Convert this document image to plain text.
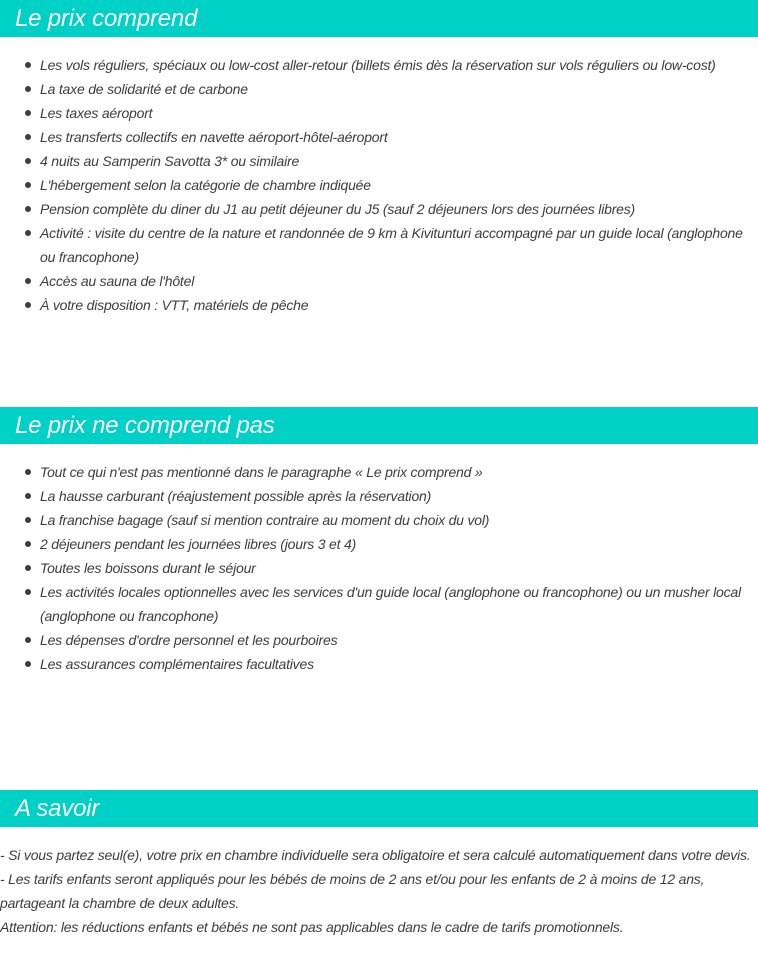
Le prix comprend
Les vols réguliers, spéciaux ou low-cost aller-retour (billets émis dès la réservation sur vols réguliers ou low-cost)
La taxe de solidarité et de carbone
Les taxes aéroport
Les transferts collectifs en navette aéroport-hôtel-aéroport
4 nuits au Samperin Savotta 3* ou similaire
L'hébergement selon la catégorie de chambre indiquée
Pension complète du diner du J1 au petit déjeuner du J5 (sauf 2 déjeuners lors des journées libres)
Activité : visite du centre de la nature et randonnée de 9 km à Kivitunturi accompagné par un guide local (anglophone ou francophone)
Accès au sauna de l'hôtel
À votre disposition : VTT, matériels de pêche
Le prix ne comprend pas
Tout ce qui n'est pas mentionné dans le paragraphe « Le prix comprend »
La hausse carburant (réajustement possible après la réservation)
La franchise bagage (sauf si mention contraire au moment du choix du vol)
2 déjeuners pendant les journées libres (jours 3 et 4)
Toutes les boissons durant le séjour
Les activités locales optionnelles avec les services d'un guide local (anglophone ou francophone) ou un musher local (anglophone ou francophone)
Les dépenses d'ordre personnel et les pourboires
Les assurances complémentaires facultatives
A savoir

- Si vous partez seul(e), votre prix en chambre individuelle sera obligatoire et sera calculé automatiquement dans votre devis.

- Les tarifs enfants seront appliqués pour les bébés de moins de 2 ans et/ou pour les enfants de 2 à moins de 12 ans, partageant la chambre de deux adultes.

Attention: les réductions enfants et bébés ne sont pas applicables dans le cadre de tarifs promotionnels.
